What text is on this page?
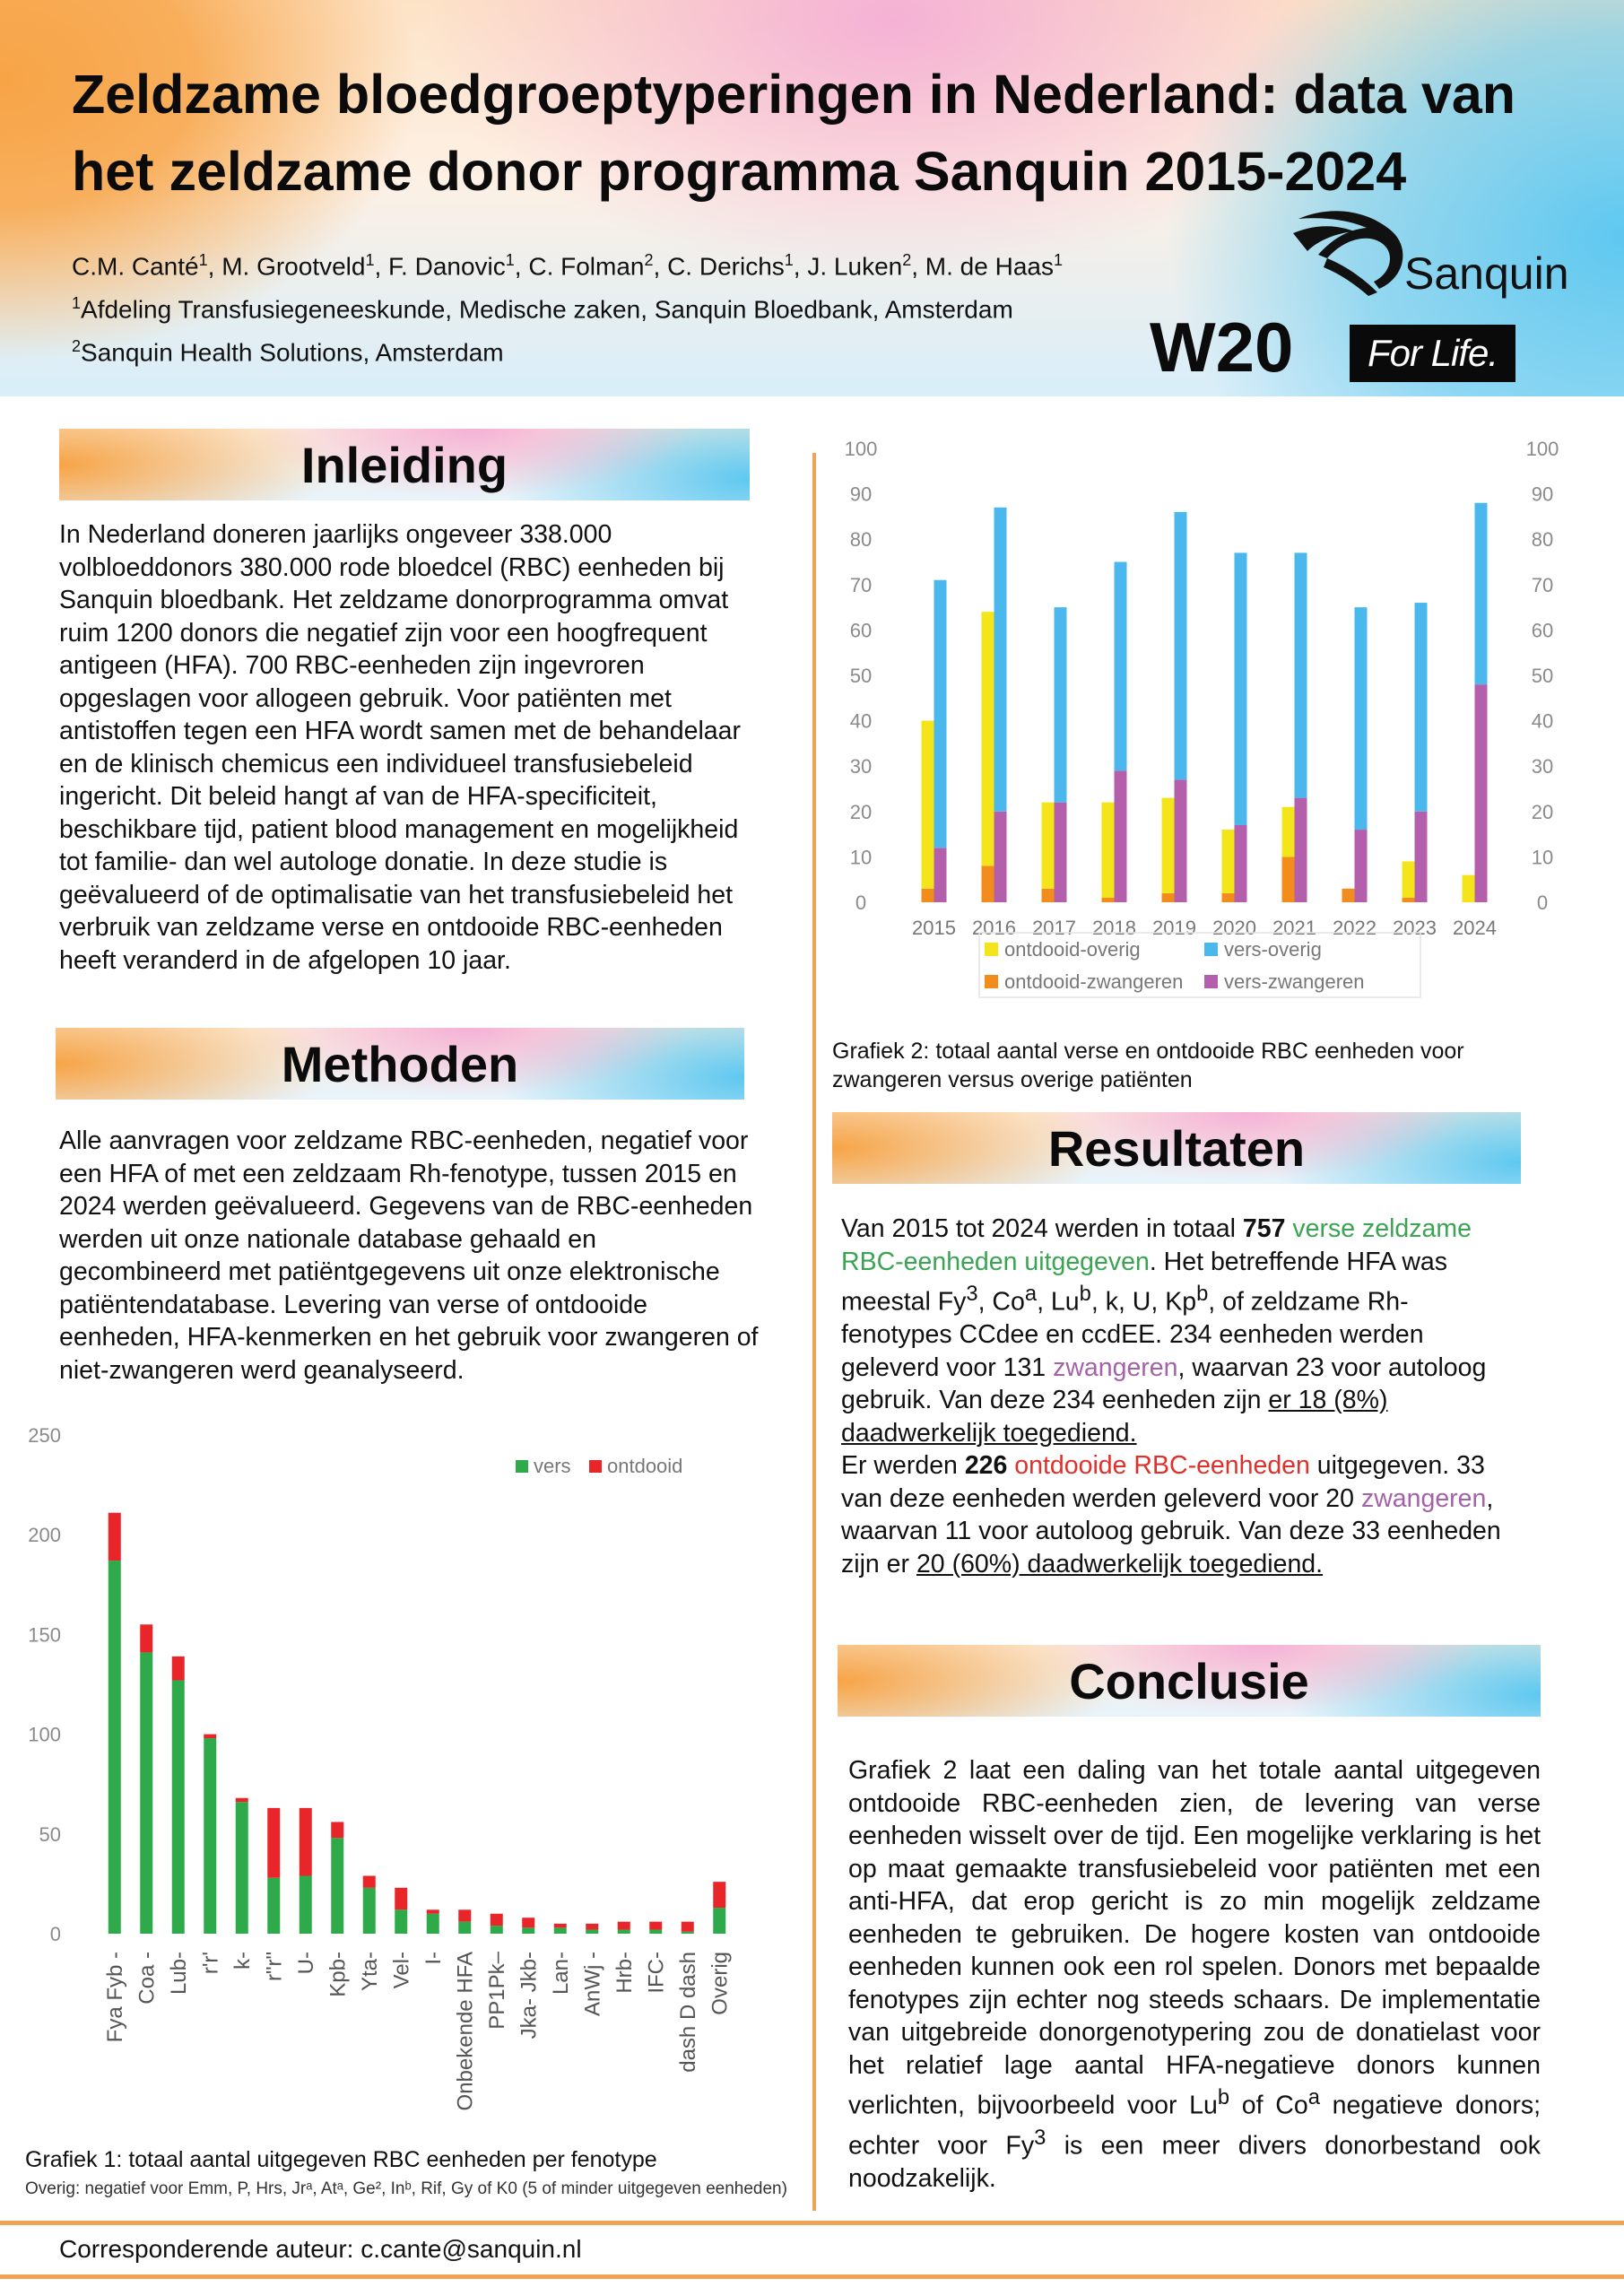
Zeldzame bloedgroeptyperingen in Nederland: data van het zeldzame donor programma Sanquin 2015-2024
C.M. Canté$^1$, M. Grootveld$^1$, F. Danovic$^1$, C. Folman$^2$, C. Derichs$^1$, J. Luken$^2$, M. de Haas$^1$
$^1$Afdeling Transfusiegeneeskunde, Medische zaken, Sanquin Bloedbank, Amsterdam
$^2$Sanquin Health Solutions, Amsterdam
Sanquin
W20	For Life.
Inleiding

In Nederland doneren jaarlijks ongeveer 338.000 volbloeddonors 380.000 rode bloedcel (RBC) eenheden bij Sanquin bloedbank. Het zeldzame donorprogramma omvat ruim 1200 donors die negatief zijn voor een hoogfrequent antigeen (HFA). 700 RBC-eenheden zijn ingevroren opgeslagen voor allogeen gebruik. Voor patiënten met antistoffen tegen een HFA wordt samen met de behandelaar en de klinisch chemicus een individueel transfusiebeleid ingericht. Dit beleid hangt af van de HFA-specificiteit, beschikbare tijd, patient blood management en mogelijkheid tot familie- dan wel autologe donatie. In deze studie is geëvalueerd of de optimalisatie van het transfusiebeleid het verbruik van zeldzame verse en ontdooide RBC-eenheden heeft veranderd in de afgelopen 10 jaar.

Methoden

Alle aanvragen voor zeldzame RBC-eenheden, negatief voor een HFA of met een zeldzaam Rh-fenotype, tussen 2015 en 2024 werden geëvalueerd. Gegevens van de RBC-eenheden werden uit onze nationale database gehaald en gecombineerd met patiëntgegevens uit onze elektronische patiëntendatabase. Levering van verse of ontdooide eenheden, HFA-kenmerken en het gebruik voor zwangeren of niet-zwangeren werd geanalyseerd.

0
50
100
150
200
250
Fya Fyb - Coa - Lub- r'r' k- r"r" U- Kpb- Yta- Vel- I- Onbekende HFA PP1Pk– Jka- Jkb- Lan- AnWj - Hrb- IFC- dash D dash Overig
vers ontdooid
Grafiek 1: totaal aantal uitgegeven RBC eenheden per fenotype
Overig: negatief voor Emm, P, Hrs, Jrᵃ, Atᵃ, Ge², Inᵇ, Rif, Gy of K0 (5 of minder uitgegeven eenheden)
0	0
10	10
20	20
30	30
40	40
50	50
60	60
70	70
80	80
90	90
100	100
2015 2016 2017 2018 2019 2020 2021 2022 2023 2024
ontdooid-overig	vers-overig
ontdooid-zwangeren vers-zwangeren
Grafiek 2: totaal aantal verse en ontdooide RBC eenheden voor zwangeren versus overige patiënten
Resultaten
Van 2015 tot 2024 werden in totaal 757 verse zeldzame RBC-eenheden uitgegeven. Het betreffende HFA was meestal Fy$^3$, Co$^a$, Lu$^b$, k, U, Kp$^b$, of zeldzame Rh-fenotypes CCdee en ccdEE. 234 eenheden werden geleverd voor 131 zwangeren, waarvan 23 voor autoloog gebruik. Van deze 234 eenheden zijn er 18 (8%) daadwerkelijk toegediend.
Er werden 226 ontdooide RBC-eenheden uitgegeven. 33 van deze eenheden werden geleverd voor 20 zwangeren, waarvan 11 voor autoloog gebruik. Van deze 33 eenheden zijn er 20 (60%) daadwerkelijk toegediend.
Conclusie
Grafiek 2 laat een daling van het totale aantal uitgegeven ontdooide RBC-eenheden zien, de levering van verse eenheden wisselt over de tijd. Een mogelijke verklaring is het op maat gemaakte transfusiebeleid voor patiënten met een anti-HFA, dat erop gericht is zo min mogelijk zeldzame eenheden te gebruiken. De hogere kosten van ontdooide eenheden kunnen ook een rol spelen. Donors met bepaalde fenotypes zijn echter nog steeds schaars. De implementatie van uitgebreide donorgenotypering zou de donatielast voor het relatief lage aantal HFA-negatieve donors kunnen verlichten, bijvoorbeeld voor Lu$^b$ of Co$^a$ negatieve donors; echter voor Fy$^3$ is een meer divers donorbestand ook noodzakelijk.
Corresponderende auteur: c.cante@sanquin.nl
